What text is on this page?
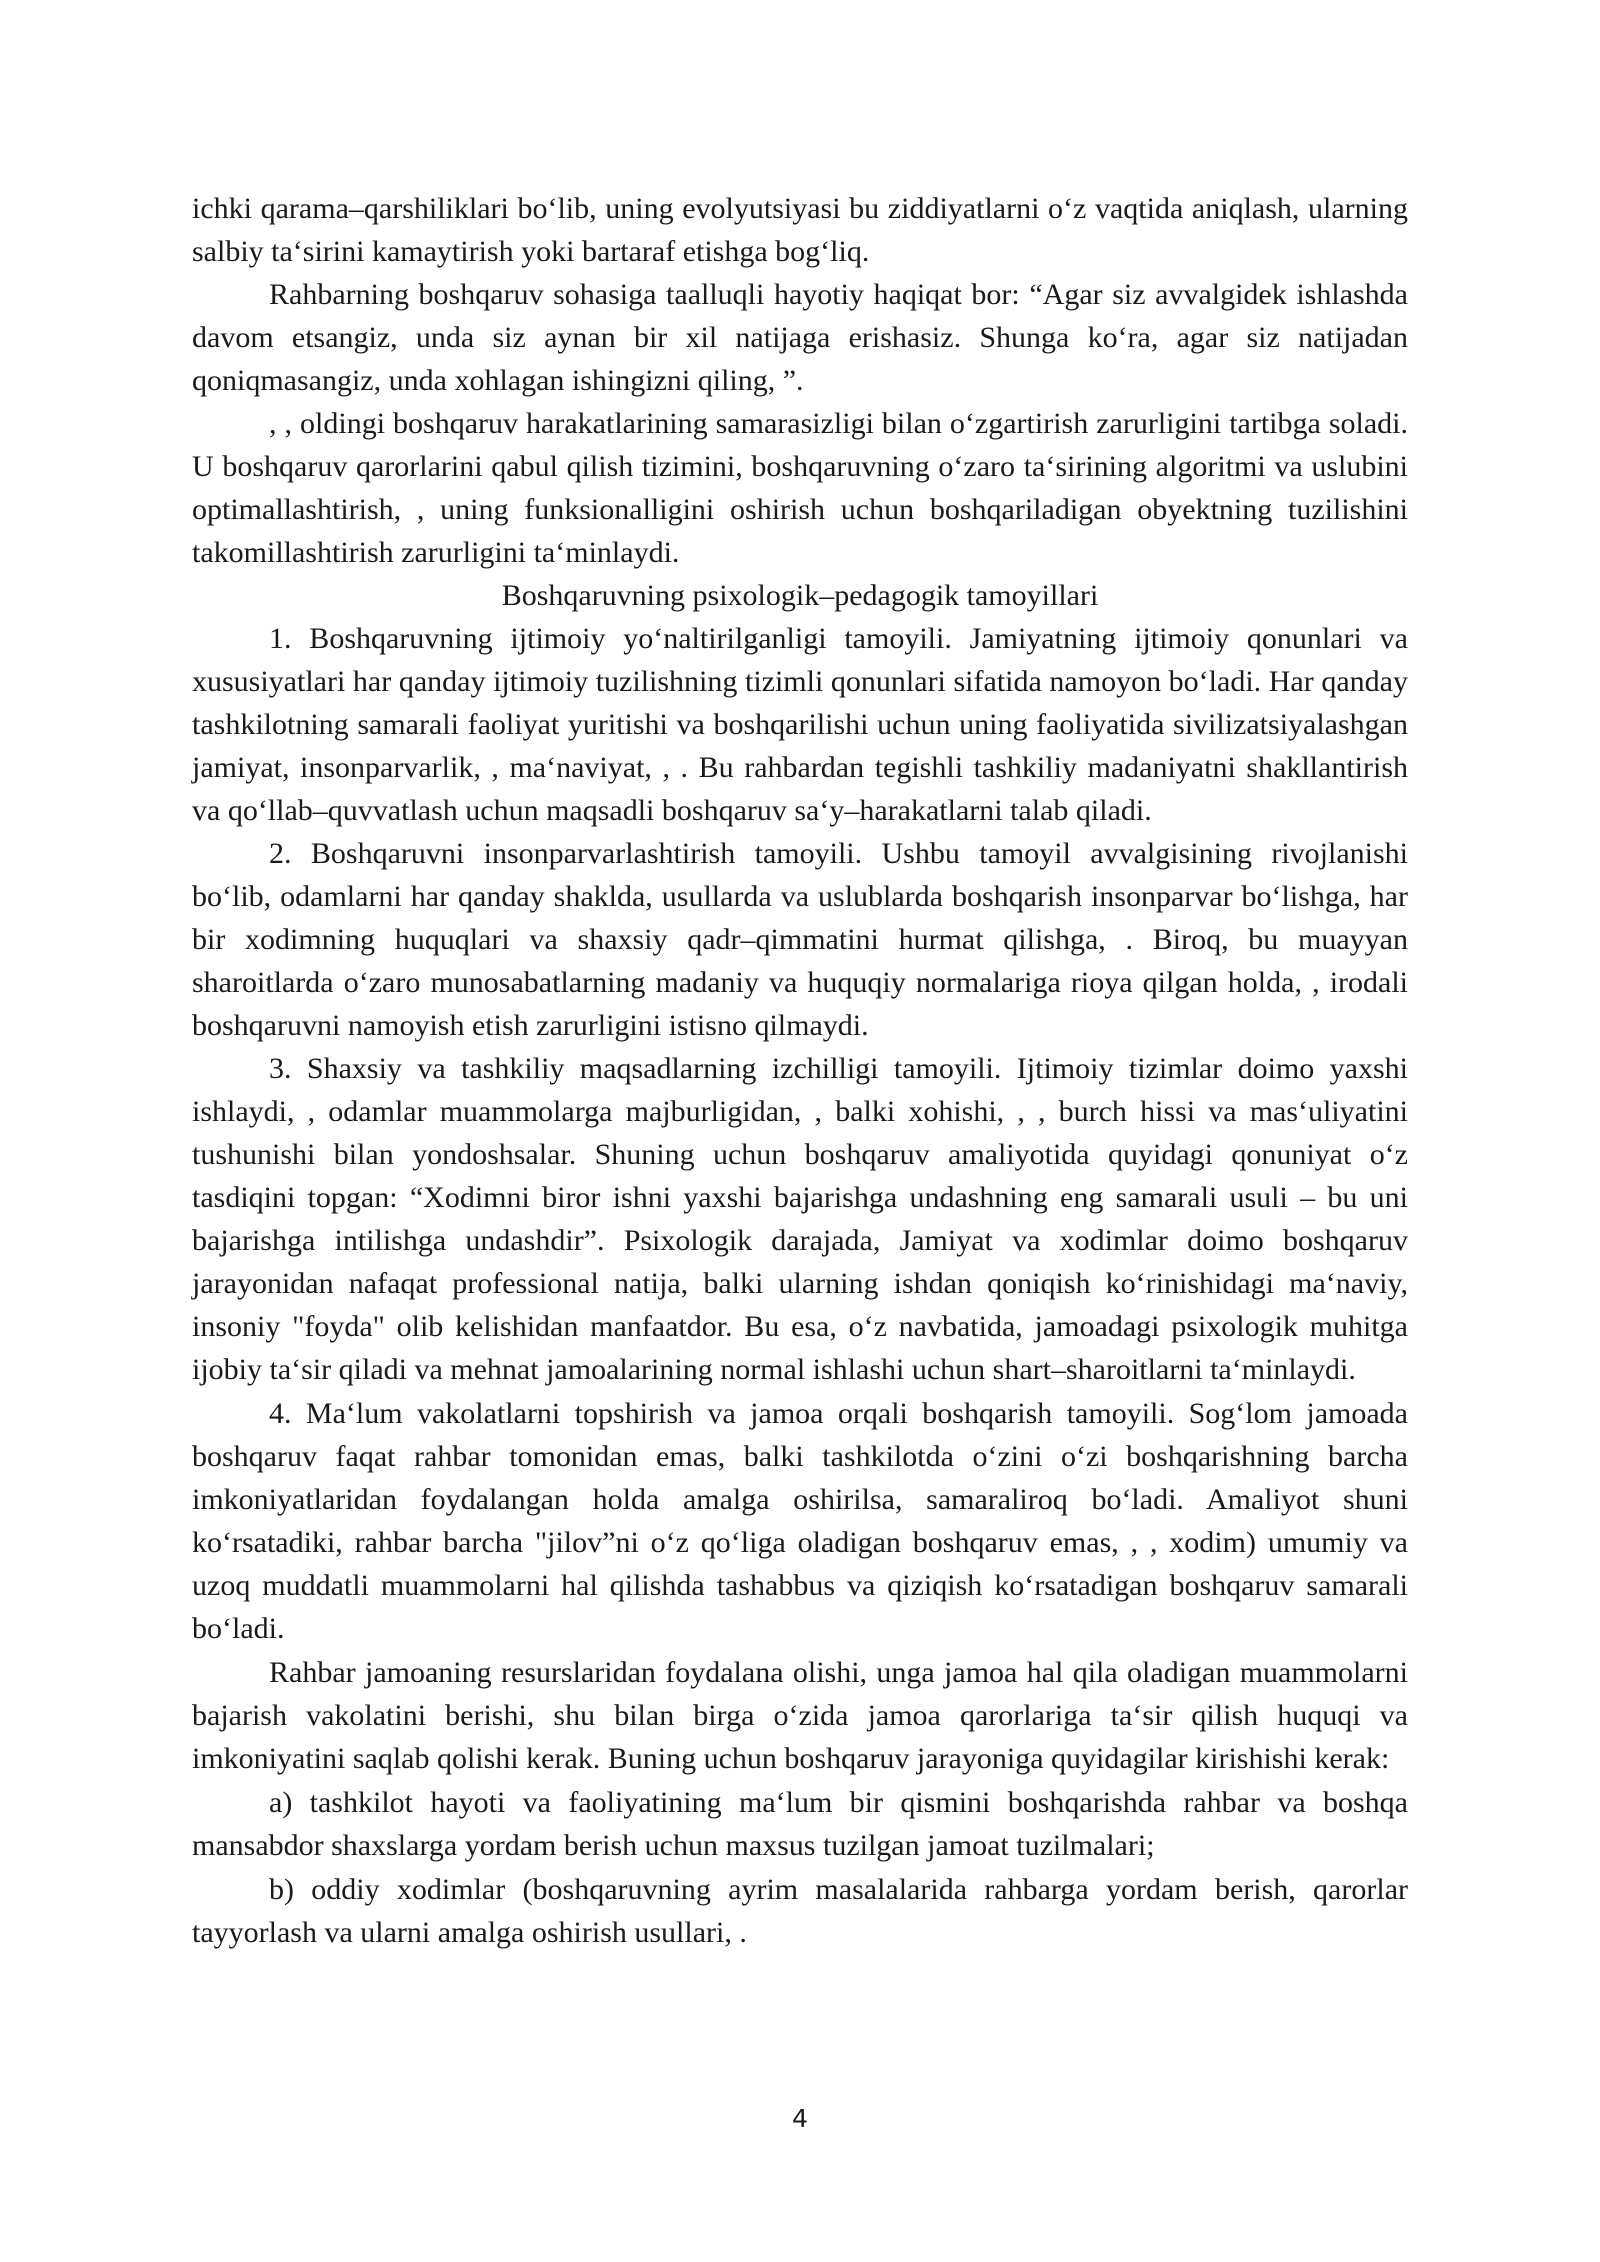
ichki qarama–qarshiliklari bo‘lib, uning evolyutsiyasi bu ziddiyatlarni o‘z vaqtida aniqlash, ularning salbiy ta‘sirini kamaytirish yoki bartaraf etishga bog‘liq.

Rahbarning boshqaruv sohasiga taalluqli hayotiy haqiqat bor: “Agar siz avvalgidek ishlashda davom etsangiz, unda siz aynan bir xil natijaga erishasiz. Shunga ko‘ra, agar siz natijadan qoniqmasangiz, unda xohlagan ishingizni qiling, ”.

, , oldingi boshqaruv harakatlarining samarasizligi bilan o‘zgartirish zarurligini tartibga soladi. U boshqaruv qarorlarini qabul qilish tizimini, boshqaruvning o‘zaro ta‘sirining algoritmi va uslubini optimallashtirish, , uning funksionalligini oshirish uchun boshqariladigan obyektning tuzilishini takomillashtirish zarurligini ta‘minlaydi.

Boshqaruvning psixologik–pedagogik tamoyillari

1. Boshqaruvning ijtimoiy yo‘naltirilganligi tamoyili. Jamiyatning ijtimoiy qonunlari va xususiyatlari har qanday ijtimoiy tuzilishning tizimli qonunlari sifatida namoyon bo‘ladi. Har qanday tashkilotning samarali faoliyat yuritishi va boshqarilishi uchun uning faoliyatida sivilizatsiyalashgan jamiyat, insonparvarlik, , ma‘naviyat, , . Bu rahbardan tegishli tashkiliy madaniyatni shakllantirish va qo‘llab–quvvatlash uchun maqsadli boshqaruv sa‘y–harakatlarni talab qiladi.

2. Boshqaruvni insonparvarlashtirish tamoyili. Ushbu tamoyil avvalgisining rivojlanishi bo‘lib, odamlarni har qanday shaklda, usullarda va uslublarda boshqarish insonparvar bo‘lishga, har bir xodimning huquqlari va shaxsiy qadr–qimmatini hurmat qilishga, . Biroq, bu muayyan sharoitlarda o‘zaro munosabatlarning madaniy va huquqiy normalariga rioya qilgan holda, , irodali boshqaruvni namoyish etish zarurligini istisno qilmaydi.

3. Shaxsiy va tashkiliy maqsadlarning izchilligi tamoyili. Ijtimoiy tizimlar doimo yaxshi ishlaydi, , odamlar muammolarga majburligidan, , balki xohishi, , , burch hissi va mas‘uliyatini tushunishi bilan yondoshsalar. Shuning uchun boshqaruv amaliyotida quyidagi qonuniyat o‘z tasdiqini topgan: “Xodimni biror ishni yaxshi bajarishga undashning eng samarali usuli – bu uni bajarishga intilishga undashdir”. Psixologik darajada, Jamiyat va xodimlar doimo boshqaruv jarayonidan nafaqat professional natija, balki ularning ishdan qoniqish ko‘rinishidagi ma‘naviy, insoniy "foyda" olib kelishidan manfaatdor. Bu esa, o‘z navbatida, jamoadagi psixologik muhitga ijobiy ta‘sir qiladi va mehnat jamoalarining normal ishlashi uchun shart–sharoitlarni ta‘minlaydi.

4. Ma‘lum vakolatlarni topshirish va jamoa orqali boshqarish tamoyili. Sog‘lom jamoada boshqaruv faqat rahbar tomonidan emas, balki tashkilotda o‘zini o‘zi boshqarishning barcha imkoniyatlaridan foydalangan holda amalga oshirilsa, samaraliroq bo‘ladi. Amaliyot shuni ko‘rsatadiki, rahbar barcha "jilov”ni o‘z qo‘liga oladigan boshqaruv emas, , , xodim) umumiy va uzoq muddatli muammolarni hal qilishda tashabbus va qiziqish ko‘rsatadigan boshqaruv samarali bo‘ladi.

Rahbar jamoaning resurslaridan foydalana olishi, unga jamoa hal qila oladigan muammolarni bajarish vakolatini berishi, shu bilan birga o‘zida jamoa qarorlariga ta‘sir qilish huquqi va imkoniyatini saqlab qolishi kerak. Buning uchun boshqaruv jarayoniga quyidagilar kirishishi kerak:

a) tashkilot hayoti va faoliyatining ma‘lum bir qismini boshqarishda rahbar va boshqa mansabdor shaxslarga yordam berish uchun maxsus tuzilgan jamoat tuzilmalari;

b) oddiy xodimlar (boshqaruvning ayrim masalalarida rahbarga yordam berish, qarorlar tayyorlash va ularni amalga oshirish usullari, .

4
